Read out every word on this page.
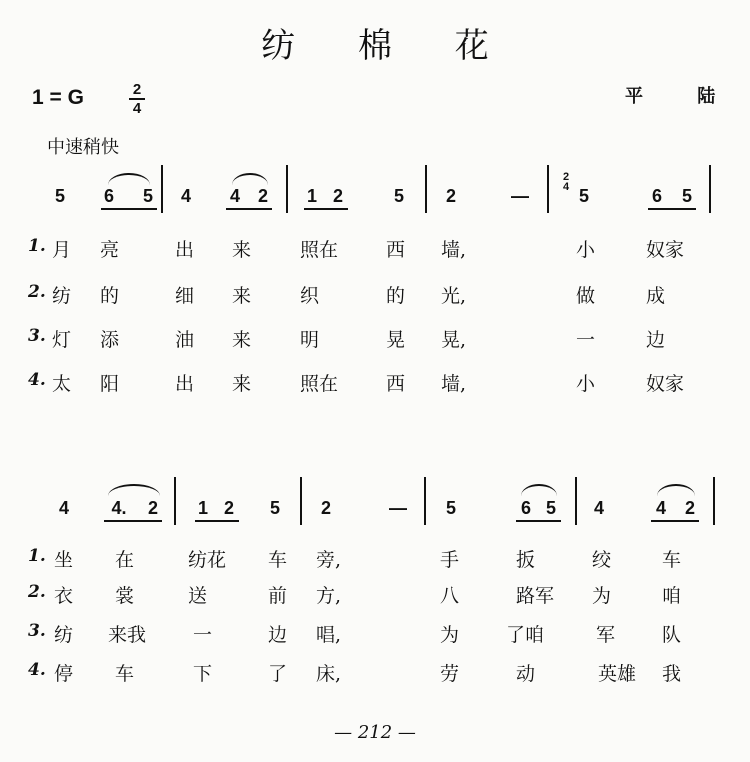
纺 棉 花
1 = G	2
4
平 陆
中速稍快
5	6	5	4	4 2	1 2	5	2	—
2
4 5	6	5
1. 月 亮	出 来	照在	西 墙,	小	奴家
2. 纺 的	细 来	织	的 光,	做	成
3. 灯 添	油 来	明	晃 晃,	一	边
4. 太 阳	出 来	照在	西 墙,	小	奴家
4	4.	2	1 2	5	2	—	5	6 5	4	4	2
1. 坐 在	纺花 车 旁,	手	扳	绞	车
2. 衣 裳	送	前 方,	八	路军 为	咱
3. 纺 来我 一	边 唱,	为 了咱	军 队
4. 停 车	下	了 床,	劳	动	英雄 我
— 212 —
